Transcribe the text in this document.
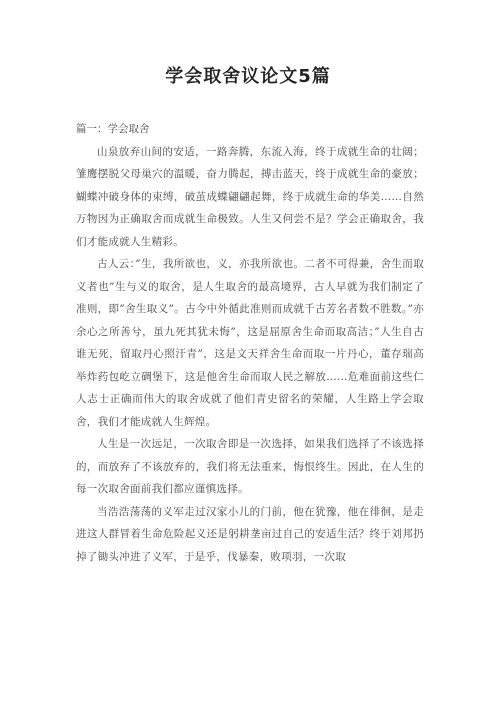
学会取舍议论文5篇

篇一：学会取舍

山泉放弃山间的安适，一路奔腾，东流入海，终于成就生命的壮阔；雏鹰摆脱父母巢穴的温暖，奋力腾起，搏击蓝天，终于成就生命的豪放；蝴蝶冲破身体的束缚，破茧成蝶翩翩起舞，终于成就生命的华美……自然万物因为正确取舍而成就生命极致。人生又何尝不是？学会正确取舍，我们才能成就人生精彩。

古人云：”生，我所欲也，义，亦我所欲也。二者不可得兼，舍生而取义者也”生与义的取舍，是人生取舍的最高境界，古人早就为我们制定了准则，即”舍生取义”。古今中外循此准则而成就千古芳名者数不胜数。”亦余心之所善兮，虽九死其犹未悔”，这是屈原舍生命而取高洁；”人生自古谁无死，留取丹心照汗青”，这是文天祥舍生命而取一片丹心，董存瑞高举炸药包屹立碉堡下，这是他舍生命而取人民之解放……危难面前这些仁人志士正确而伟大的取舍成就了他们青史留名的荣耀，人生路上学会取舍，我们才能成就人生辉煌。

人生是一次远足，一次取舍即是一次选择，如果我们选择了不该选择的，而放弃了不该放弃的，我们将无法重来，悔恨终生。因此，在人生的每一次取舍面前我们都应谨慎选择。

当浩浩荡荡的义军走过汉家小儿的门前，他在犹豫，他在徘徊，是走进这人群冒着生命危险起义还是躬耕垄亩过自己的安适生活？终于刘邦扔掉了锄头冲进了义军，于是乎，伐暴秦，败项羽，一次取
